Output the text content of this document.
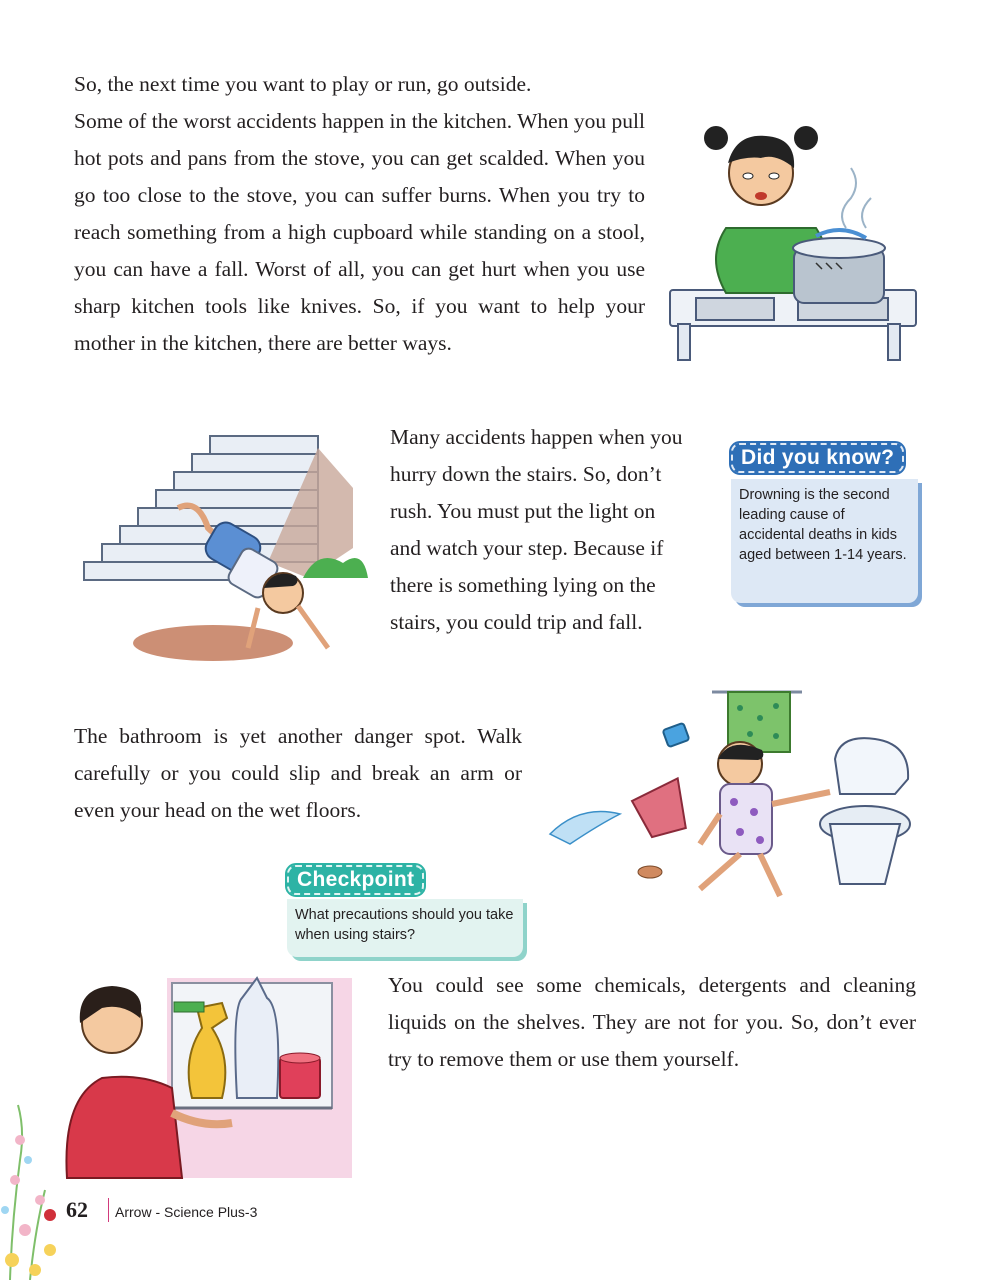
So, the next time you want to play or run, go outside.

Some of the worst accidents happen in the kitchen. When you pull hot pots and pans from the stove, you can get scalded. When you go too close to the stove, you can suffer burns. When you try to reach something from a high cupboard while standing on a stool, you can have a fall. Worst of all, you can get hurt when you use sharp kitchen tools like knives. So, if you want to help your mother in the kitchen, there are better ways.

Many accidents happen when you hurry down the stairs. So, don’t rush. You must put the light on and watch your step. Because if there is something lying on the stairs, you could trip and fall.

Drowning is the second leading cause of accidental deaths in kids aged between 1-14 years.
Did you know?

The bathroom is yet another danger spot. Walk carefully or you could slip and break an arm or even your head on the wet floors.

What precautions should you take when using stairs?
Checkpoint

You could see some chemicals, detergents and cleaning liquids on the shelves. They are not for you. So, don’t ever try to remove them or use them yourself.

62 Arrow - Science Plus-3
